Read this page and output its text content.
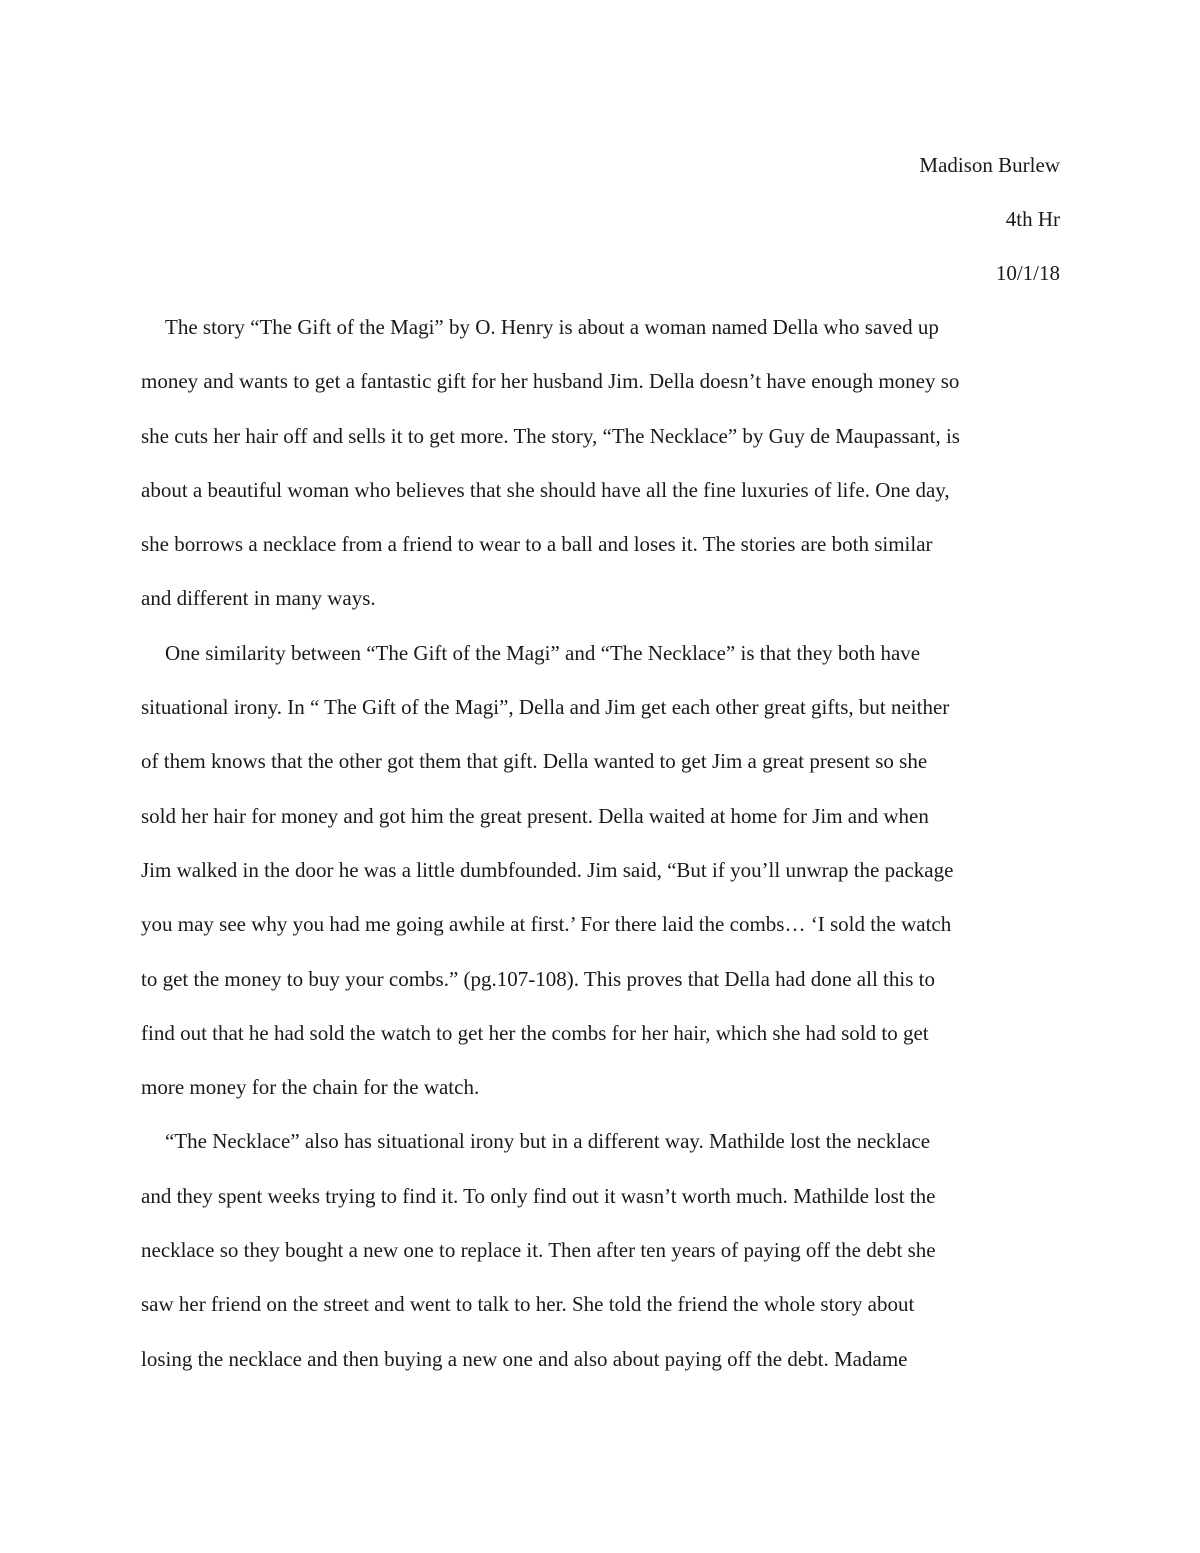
Madison Burlew
4th Hr
10/1/18

The story “The Gift of the Magi” by O. Henry is about a woman named Della who saved up
money and wants to get a fantastic gift for her husband Jim. Della doesn’t have enough money so
she cuts her hair off and sells it to get more. The story, “The Necklace” by Guy de Maupassant, is
about a beautiful woman who believes that she should have all the fine luxuries of life. One day,
she borrows a necklace from a friend to wear to a ball and loses it. The stories are both similar
and different in many ways.

One similarity between “The Gift of the Magi” and “The Necklace” is that they both have
situational irony. In “ The Gift of the Magi”, Della and Jim get each other great gifts, but neither
of them knows that the other got them that gift. Della wanted to get Jim a great present so she
sold her hair for money and got him the great present. Della waited at home for Jim and when
Jim walked in the door he was a little dumbfounded. Jim said, “But if you’ll unwrap the package
you may see why you had me going awhile at first.’ For there laid the combs… ‘I sold the watch
to get the money to buy your combs.” (pg.107-108). This proves that Della had done all this to
find out that he had sold the watch to get her the combs for her hair, which she had sold to get
more money for the chain for the watch.

“The Necklace” also has situational irony but in a different way. Mathilde lost the necklace
and they spent weeks trying to find it. To only find out it wasn’t worth much. Mathilde lost the
necklace so they bought a new one to replace it. Then after ten years of paying off the debt she
saw her friend on the street and went to talk to her. She told the friend the whole story about
losing the necklace and then buying a new one and also about paying off the debt. Madame
